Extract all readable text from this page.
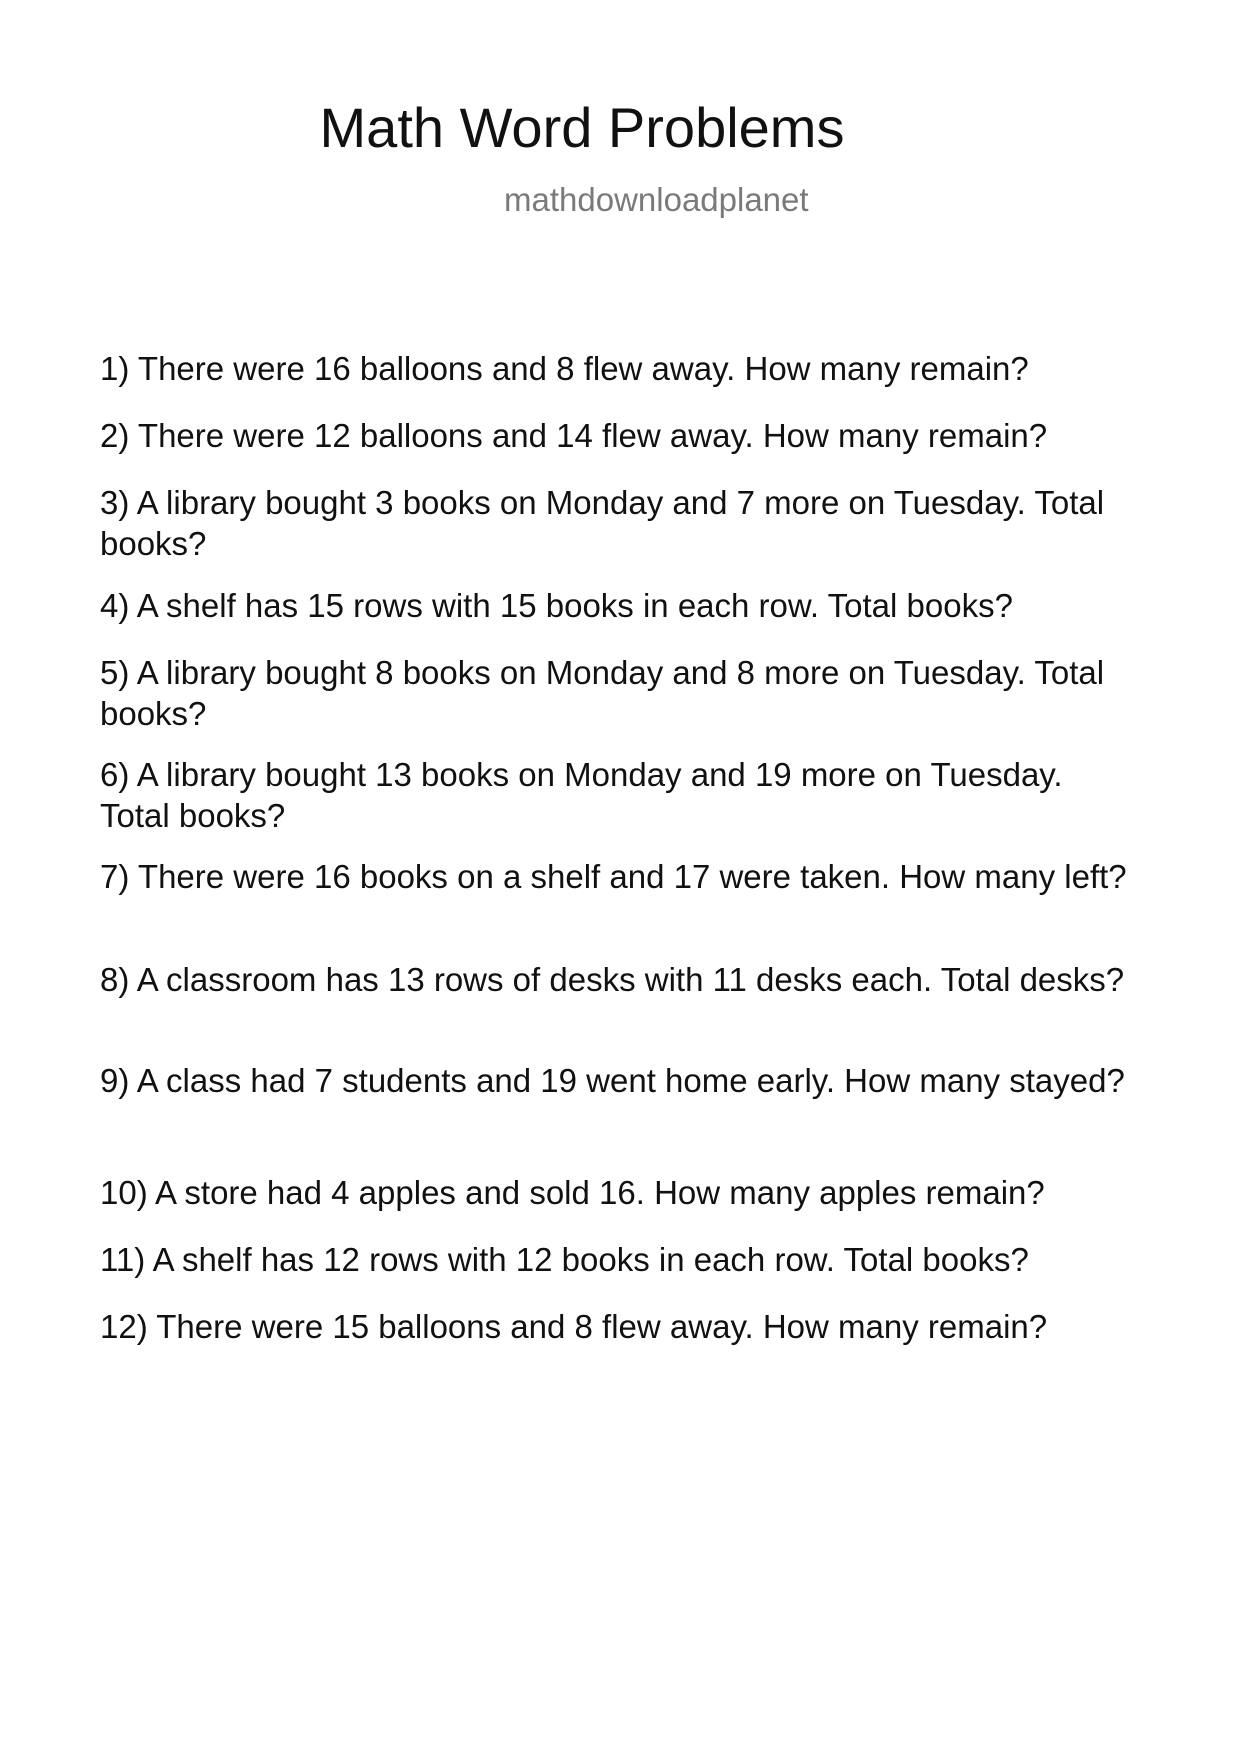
Math Word Problems
mathdownloadplanet

1) There were 16 balloons and 8 flew away. How many remain?

2) There were 12 balloons and 14 flew away. How many remain?

3) A library bought 3 books on Monday and 7 more on Tuesday. Total books?

4) A shelf has 15 rows with 15 books in each row. Total books?

5) A library bought 8 books on Monday and 8 more on Tuesday. Total books?

6) A library bought 13 books on Monday and 19 more on Tuesday. Total books?

7) There were 16 books on a shelf and 17 were taken. How many left?

8) A classroom has 13 rows of desks with 11 desks each. Total desks?

9) A class had 7 students and 19 went home early. How many stayed?

10) A store had 4 apples and sold 16. How many apples remain?

11) A shelf has 12 rows with 12 books in each row. Total books?

12) There were 15 balloons and 8 flew away. How many remain?
